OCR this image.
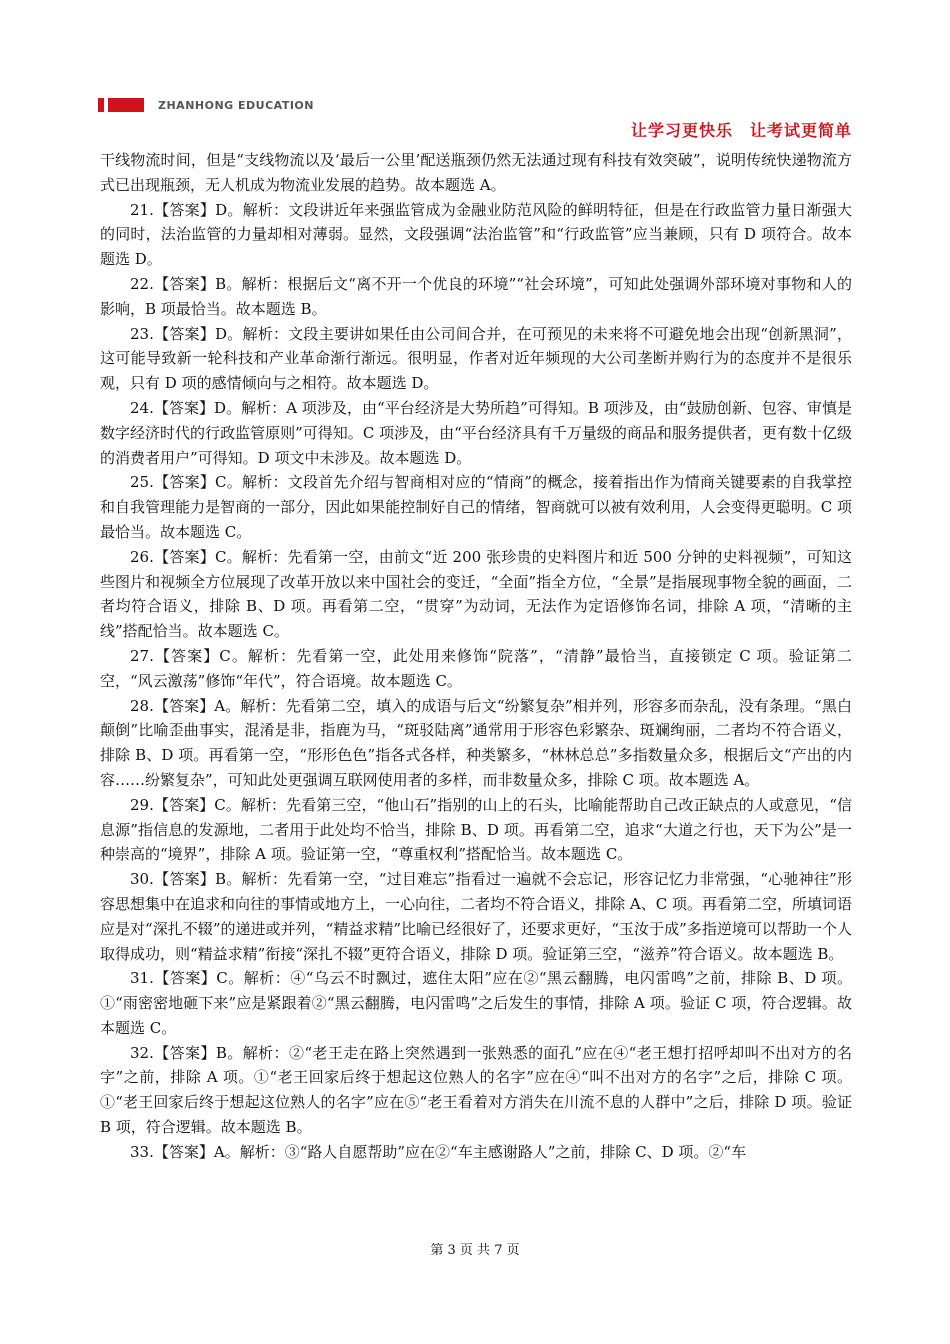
ZHANHONG EDUCATION
让学习更快乐　让考试更简单

干线物流时间，但是“支线物流以及‘最后一公里’配送瓶颈仍然无法通过现有科技有效突破”，说明传统快递物流方式已出现瓶颈，无人机成为物流业发展的趋势。故本题选 A。

21.【答案】D。解析：文段讲近年来强监管成为金融业防范风险的鲜明特征，但是在行政监管力量日渐强大的同时，法治监管的力量却相对薄弱。显然，文段强调“法治监管”和“行政监管”应当兼顾，只有 D 项符合。故本题选 D。

22.【答案】B。解析：根据后文“离不开一个优良的环境”“社会环境”，可知此处强调外部环境对事物和人的影响，B 项最恰当。故本题选 B。

23.【答案】D。解析：文段主要讲如果任由公司间合并，在可预见的未来将不可避免地会出现“创新黑洞”，这可能导致新一轮科技和产业革命渐行渐远。很明显，作者对近年频现的大公司垄断并购行为的态度并不是很乐观，只有 D 项的感情倾向与之相符。故本题选 D。

24.【答案】D。解析：A 项涉及，由“平台经济是大势所趋”可得知。B 项涉及，由“鼓励创新、包容、审慎是数字经济时代的行政监管原则”可得知。C 项涉及，由“平台经济具有千万量级的商品和服务提供者，更有数十亿级的消费者用户”可得知。D 项文中未涉及。故本题选 D。

25.【答案】C。解析：文段首先介绍与智商相对应的“情商”的概念，接着指出作为情商关键要素的自我掌控和自我管理能力是智商的一部分，因此如果能控制好自己的情绪，智商就可以被有效利用，人会变得更聪明。C 项最恰当。故本题选 C。

26.【答案】C。解析：先看第一空，由前文“近 200 张珍贵的史料图片和近 500 分钟的史料视频”，可知这些图片和视频全方位展现了改革开放以来中国社会的变迁，“全面”指全方位，“全景”是指展现事物全貌的画面，二者均符合语义，排除 B、D 项。再看第二空，“贯穿”为动词，无法作为定语修饰名词，排除 A 项，“清晰的主线”搭配恰当。故本题选 C。

27.【答案】C。解析：先看第一空，此处用来修饰“院落”，“清静”最恰当，直接锁定 C 项。验证第二空，“风云激荡”修饰“年代”，符合语境。故本题选 C。

28.【答案】A。解析：先看第二空，填入的成语与后文“纷繁复杂”相并列，形容多而杂乱，没有条理。“黑白颠倒”比喻歪曲事实，混淆是非，指鹿为马，“斑驳陆离”通常用于形容色彩繁杂、斑斓绚丽，二者均不符合语义，排除 B、D 项。再看第一空，“形形色色”指各式各样，种类繁多，“林林总总”多指数量众多，根据后文“产出的内容……纷繁复杂”，可知此处更强调互联网使用者的多样，而非数量众多，排除 C 项。故本题选 A。

29.【答案】C。解析：先看第三空，“他山石”指别的山上的石头，比喻能帮助自己改正缺点的人或意见，“信息源”指信息的发源地，二者用于此处均不恰当，排除 B、D 项。再看第二空，追求“大道之行也，天下为公”是一种崇高的“境界”，排除 A 项。验证第一空，“尊重权利”搭配恰当。故本题选 C。

30.【答案】B。解析：先看第一空，“过目难忘”指看过一遍就不会忘记，形容记忆力非常强，“心驰神往”形容思想集中在追求和向往的事情或地方上，一心向往，二者均不符合语义，排除 A、C 项。再看第二空，所填词语应是对“深扎不辍”的递进或并列，“精益求精”比喻已经很好了，还要求更好，“玉汝于成”多指逆境可以帮助一个人取得成功，则“精益求精”衔接“深扎不辍”更符合语义，排除 D 项。验证第三空，“滋养”符合语义。故本题选 B。

31.【答案】C。解析：④“乌云不时飘过，遮住太阳”应在②“黑云翻腾，电闪雷鸣”之前，排除 B、D 项。①“雨密密地砸下来”应是紧跟着②“黑云翻腾，电闪雷鸣”之后发生的事情，排除 A 项。验证 C 项，符合逻辑。故本题选 C。

32.【答案】B。解析：②“老王走在路上突然遇到一张熟悉的面孔”应在④“老王想打招呼却叫不出对方的名字”之前，排除 A 项。①“老王回家后终于想起这位熟人的名字”应在④“叫不出对方的名字”之后，排除 C 项。①“老王回家后终于想起这位熟人的名字”应在⑤“老王看着对方消失在川流不息的人群中”之后，排除 D 项。验证 B 项，符合逻辑。故本题选 B。

33.【答案】A。解析：③“路人自愿帮助”应在②“车主感谢路人”之前，排除 C、D 项。②“车

第 3 页 共 7 页
